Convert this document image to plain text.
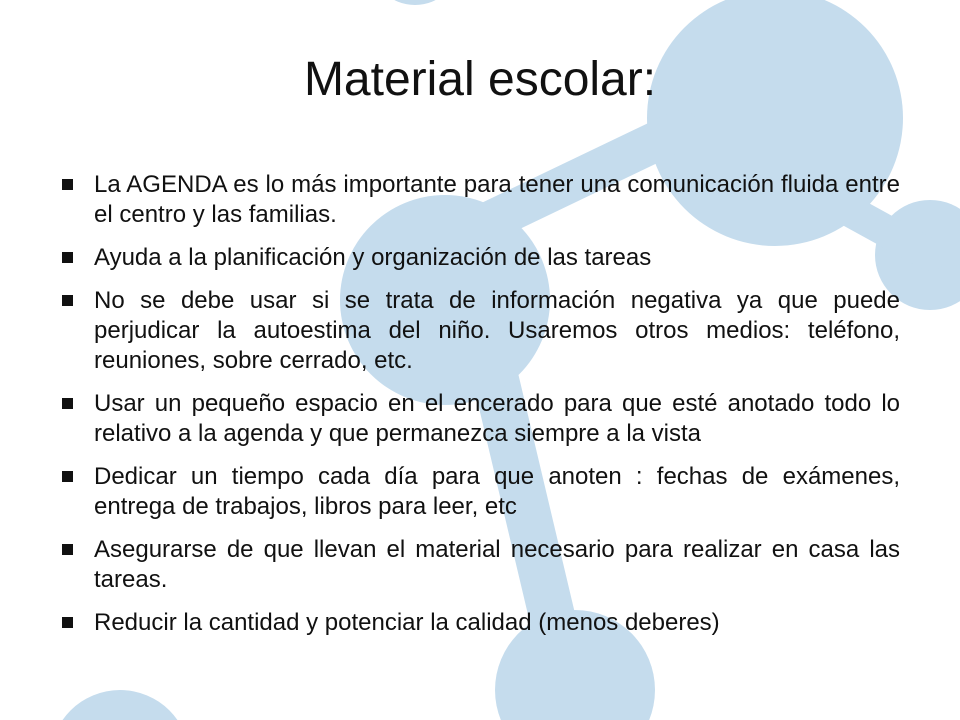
Material escolar:
La AGENDA es lo más importante para tener una comunicación fluida entre el centro y las familias.
Ayuda a la planificación y organización de las tareas
No se debe usar si se trata de información negativa ya que puede perjudicar la autoestima del niño. Usaremos otros medios: teléfono, reuniones, sobre cerrado, etc.
Usar un pequeño espacio en el encerado para que esté anotado todo lo relativo a la agenda y que permanezca siempre a la vista
Dedicar un tiempo cada día para que anoten : fechas de exámenes, entrega de trabajos, libros para leer, etc
Asegurarse de que llevan el material necesario para realizar en casa las tareas.
Reducir la cantidad y potenciar la calidad (menos deberes)
